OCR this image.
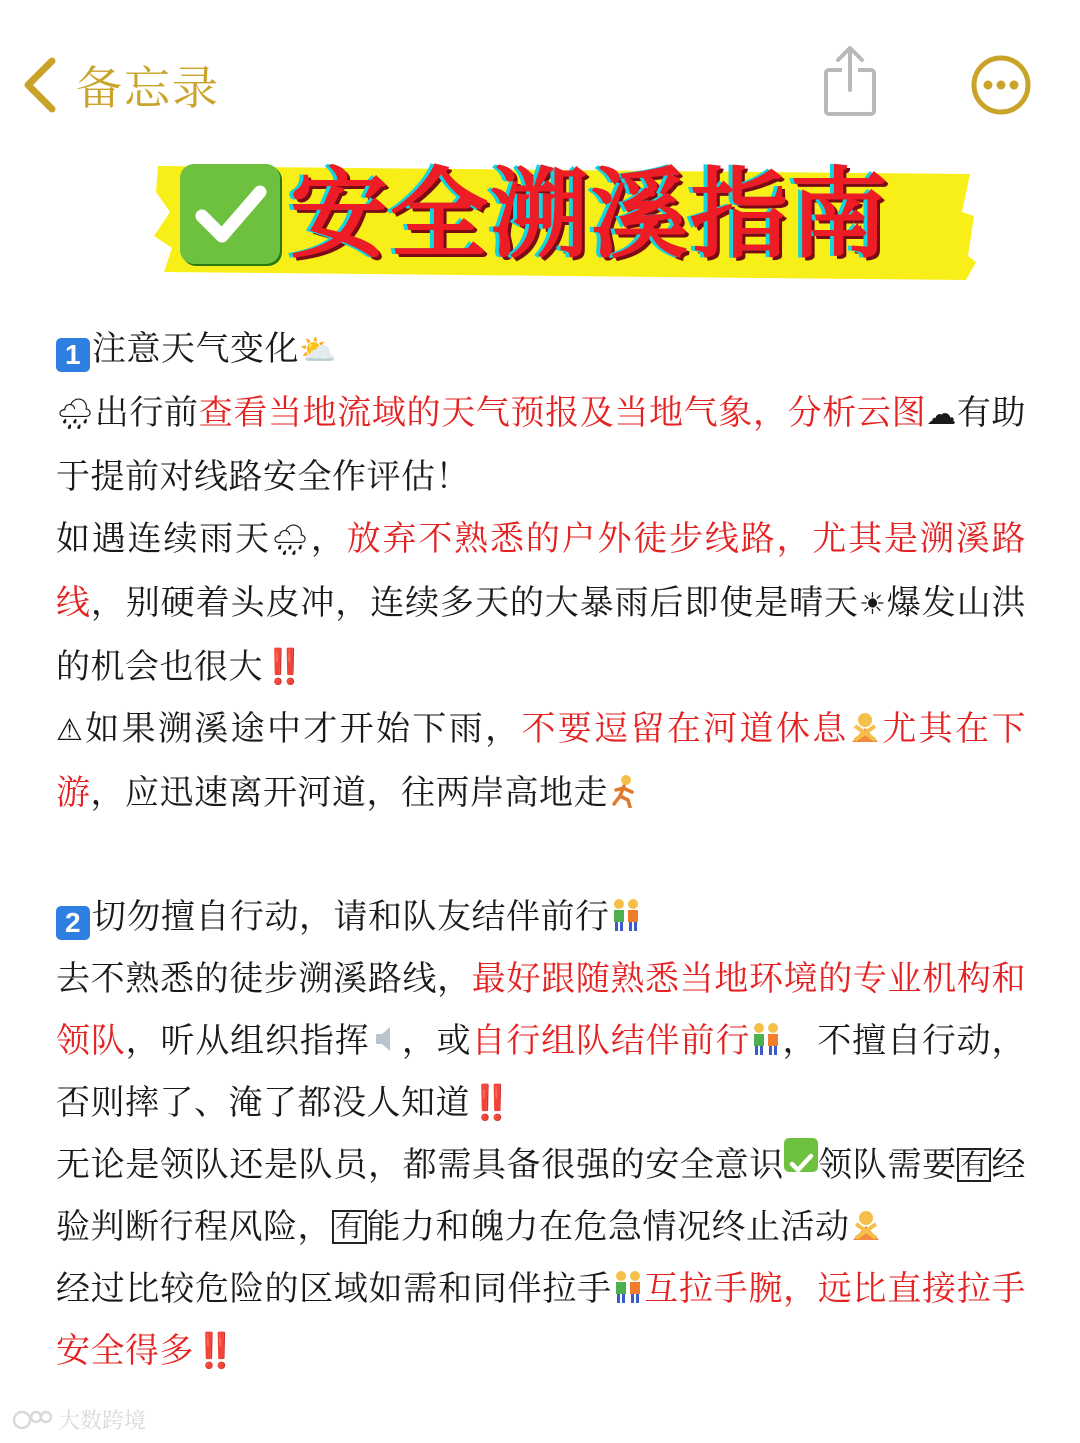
备忘录
安全溯溪指南

1 注意天气变化⛅

🌧出行前查看当地流域的天气预报及当地气象，分析云图☁有助于提前对线路安全作评估！

如遇连续雨天🌧，放弃不熟悉的户外徒步线路，尤其是溯溪路线，别硬着头皮冲，连续多天的大暴雨后即使是晴天☀爆发山洪的机会也很大‼️

⚠如果溯溪途中才开始下雨，不要逗留在河道休息 尤其在下游，应迅速离开河道，往两岸高地走

2 切勿擅自行动，请和队友结伴前行

去不熟悉的徒步溯溪路线，最好跟随熟悉当地环境的专业机构和领队，听从组织指挥 ，或自行组队结伴前行 ，不擅自行动，否则摔了、淹了都没人知道‼️

无论是领队还是队员，都需具备很强的安全意识 领队需要 有经验判断行程风险， 有能力和魄力在危急情况终止活动

经过比较危险的区域如需和同伴拉手 互拉手腕，远比直接拉手安全得多‼️

大数跨境
